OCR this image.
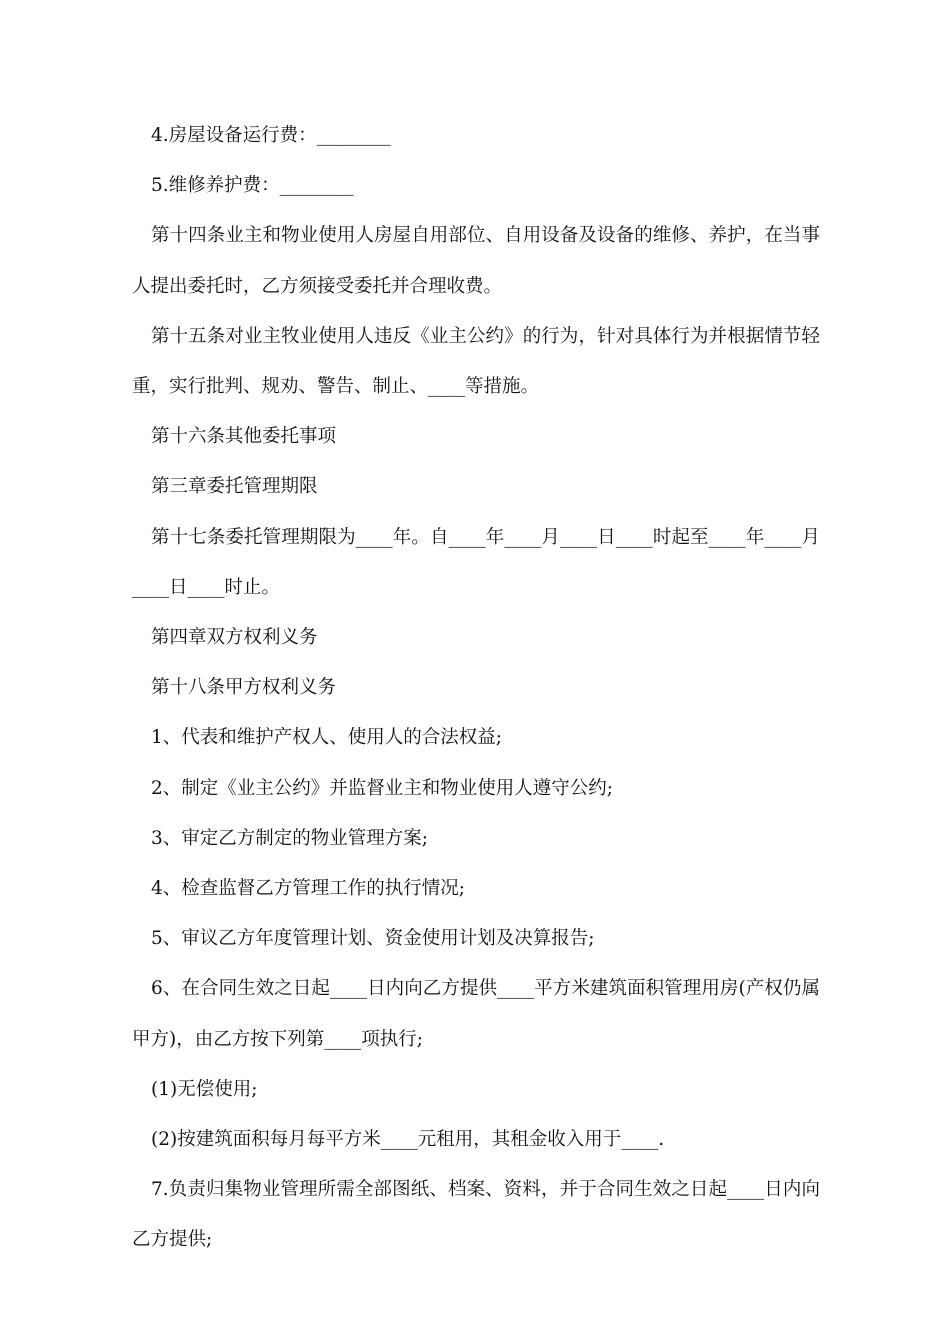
4.房屋设备运行费：________

5.维修养护费：________

第十四条业主和物业使用人房屋自用部位、自用设备及设备的维修、养护，在当事人提出委托时，乙方须接受委托并合理收费。

第十五条对业主牧业使用人违反《业主公约》的行为，针对具体行为并根据情节轻重，实行批判、规劝、警告、制止、____等措施。

第十六条其他委托事项

第三章委托管理期限

第十七条委托管理期限为____年。自____年____月____日____时起至____年____月____日____时止。

第四章双方权利义务

第十八条甲方权利义务

1、代表和维护产权人、使用人的合法权益;

2、制定《业主公约》并监督业主和物业使用人遵守公约;

3、审定乙方制定的物业管理方案;

4、检查监督乙方管理工作的执行情况;

5、审议乙方年度管理计划、资金使用计划及决算报告;

6、在合同生效之日起____日内向乙方提供____平方米建筑面积管理用房(产权仍属甲方)，由乙方按下列第____项执行;

(1)无偿使用;

(2)按建筑面积每月每平方米____元租用，其租金收入用于____.

7.负责归集物业管理所需全部图纸、档案、资料，并于合同生效之日起____日内向乙方提供;
